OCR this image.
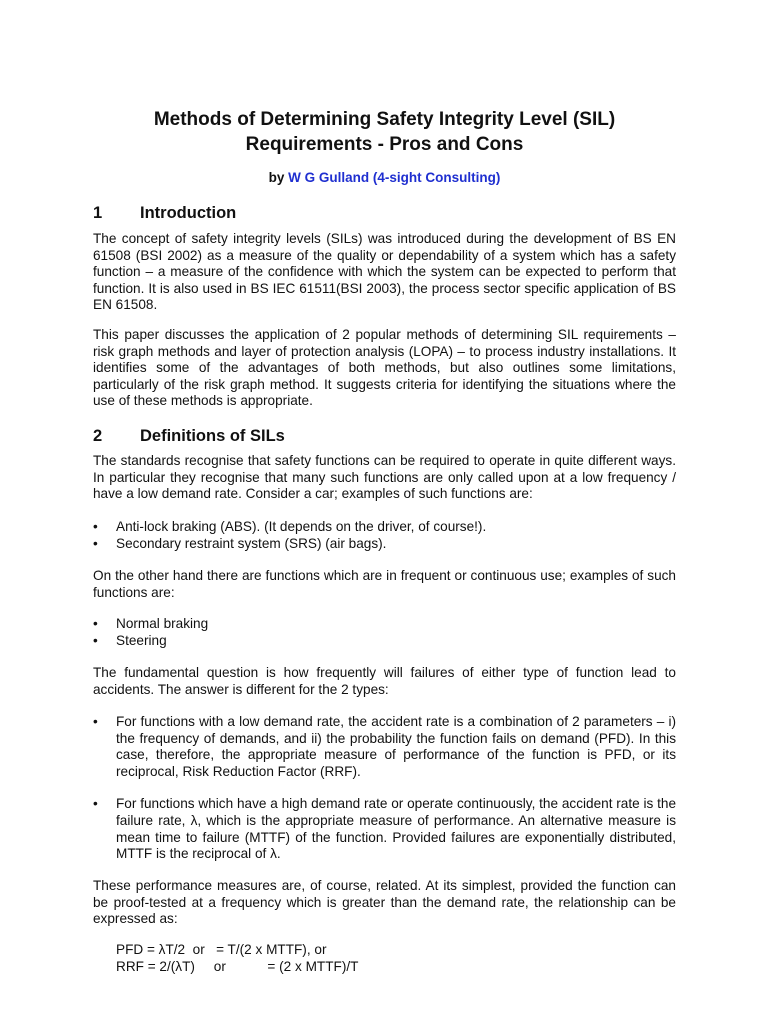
Methods of Determining Safety Integrity Level (SIL)
Requirements - Pros and Cons
by W G Gulland (4-sight Consulting)
1 Introduction

The concept of safety integrity levels (SILs) was introduced during the development of BS EN 61508 (BSI 2002) as a measure of the quality or dependability of a system which has a safety function – a measure of the confidence with which the system can be expected to perform that function. It is also used in BS IEC 61511(BSI 2003), the process sector specific application of BS EN 61508.

This paper discusses the application of 2 popular methods of determining SIL requirements – risk graph methods and layer of protection analysis (LOPA) – to process industry installations. It identifies some of the advantages of both methods, but also outlines some limitations, particularly of the risk graph method. It suggests criteria for identifying the situations where the use of these methods is appropriate.

2 Definitions of SILs

The standards recognise that safety functions can be required to operate in quite different ways. In particular they recognise that many such functions are only called upon at a low frequency / have a low demand rate. Consider a car; examples of such functions are:

• Anti-lock braking (ABS). (It depends on the driver, of course!).
• Secondary restraint system (SRS) (air bags).

On the other hand there are functions which are in frequent or continuous use; examples of such functions are:

• Normal braking
• Steering

The fundamental question is how frequently will failures of either type of function lead to accidents. The answer is different for the 2 types:

• For functions with a low demand rate, the accident rate is a combination of 2 parameters – i) the frequency of demands, and ii) the probability the function fails on demand (PFD). In this case, therefore, the appropriate measure of performance of the function is PFD, or its reciprocal, Risk Reduction Factor (RRF).
• For functions which have a high demand rate or operate continuously, the accident rate is the failure rate, λ, which is the appropriate measure of performance. An alternative measure is mean time to failure (MTTF) of the function. Provided failures are exponentially distributed, MTTF is the reciprocal of λ.

These performance measures are, of course, related. At its simplest, provided the function can be proof-tested at a frequency which is greater than the demand rate, the relationship can be expressed as:

PFD = λT/2  or   = T/(2 x MTTF), or
RRF = 2/(λT)     or           = (2 x MTTF)/T
